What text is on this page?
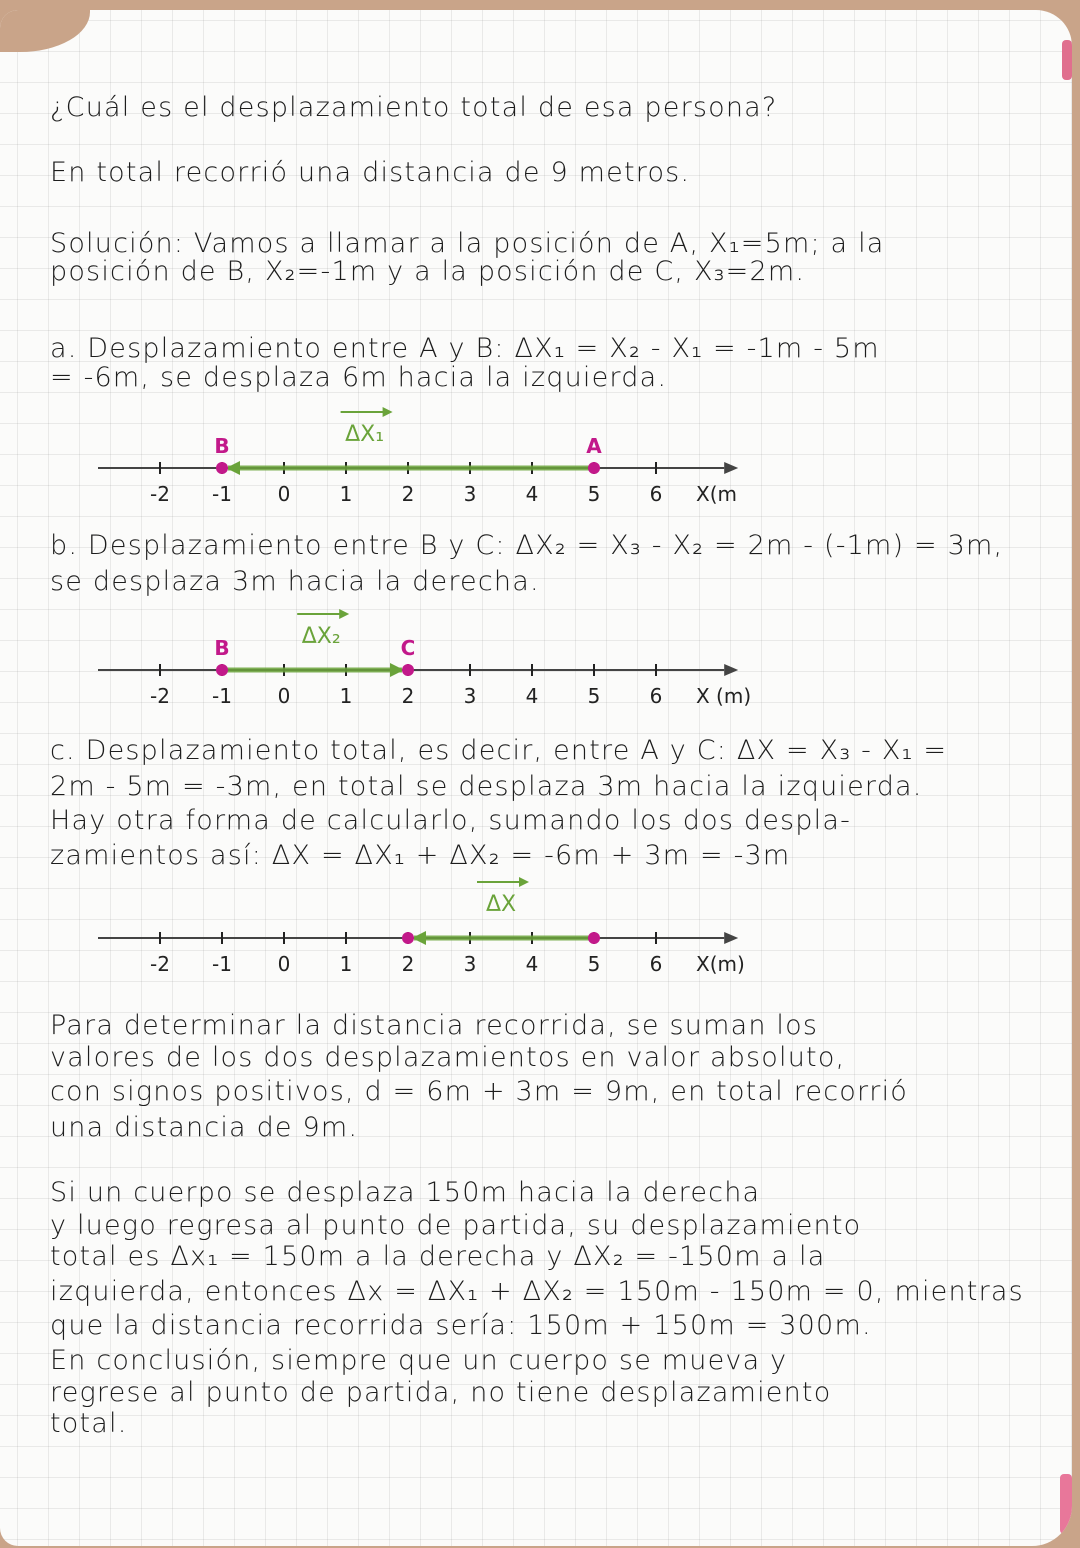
¿Cuál es el desplazamiento total de esa persona?
En total recorrió una distancia de 9 metros.
Solución: Vamos a llamar a la posición de A, X₁=5m; a la
posición de B, X₂=-1m y a la posición de C, X₃=2m.
a. Desplazamiento entre A y B: ΔX₁ = X₂ - X₁ = -1m - 5m
= -6m, se desplaza 6m hacia la izquierda.
b. Desplazamiento entre B y C: ΔX₂ = X₃ - X₂ = 2m - (-1m) = 3m,
se desplaza 3m hacia la derecha.
c. Desplazamiento total, es decir, entre A y C: ΔX = X₃ - X₁ =
2m - 5m = -3m, en total se desplaza 3m hacia la izquierda.
Hay otra forma de calcularlo, sumando los dos despla-
zamientos así: ΔX = ΔX₁ + ΔX₂ = -6m + 3m = -3m
Para determinar la distancia recorrida, se suman los
valores de los dos desplazamientos en valor absoluto,
con signos positivos, d = 6m + 3m = 9m, en total recorrió
una distancia de 9m.
Si un cuerpo se desplaza 150m hacia la derecha
y luego regresa al punto de partida, su desplazamiento
total es Δx₁ = 150m a la derecha y ΔX₂ = -150m a la
izquierda, entonces Δx = ΔX₁ + ΔX₂ = 150m - 150m = 0, mientras
que la distancia recorrida sería: 150m + 150m = 300m.
En conclusión, siempre que un cuerpo se mueva y
regrese al punto de partida, no tiene desplazamiento
total.
-2 -1 0 1 2 3 4 5 6 X(m
B	A
ΔX₁
-2 -1 0 1 2 3 4 5 6 X (m)
B	C
ΔX₂
-2 -1 0 1 2 3 4 5 6 X(m)
ΔX
